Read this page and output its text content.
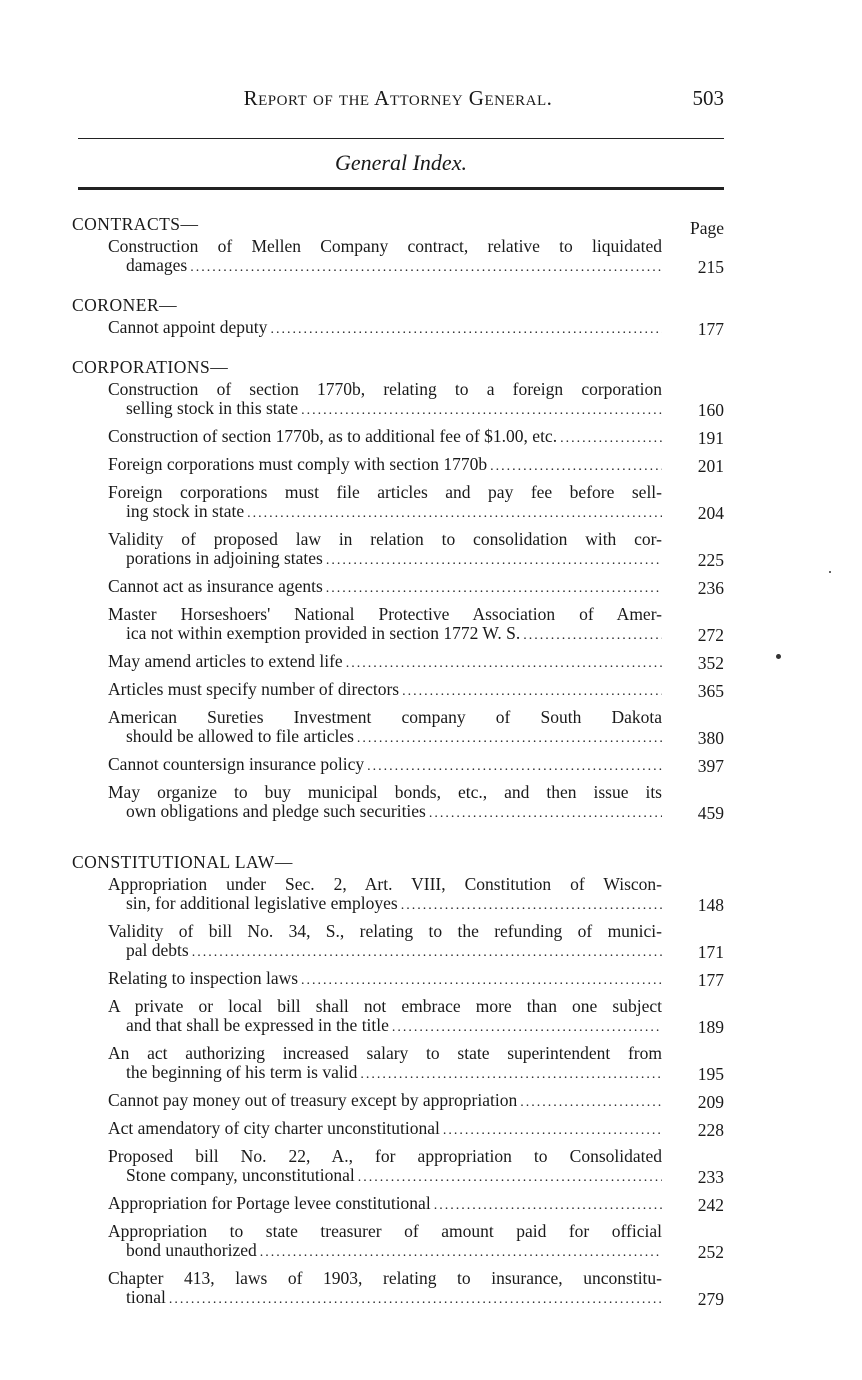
Report of the Attorney General.	503
General Index.
CONTRACTS—	Page
Construction of Mellen Company contract, relative to liquidated
damages .....	215
CORONER—
Cannot appoint deputy .....	177
CORPORATIONS—
Construction of section 1770b, relating to a foreign corporation
selling stock in this state .....	160
Construction of section 1770b, as to additional fee of $1.00, etc. .....	191
Foreign corporations must comply with section 1770b .....	201
Foreign corporations must file articles and pay fee before sell-
ing stock in state .....	204
Validity of proposed law in relation to consolidation with cor-
porations in adjoining states .....	225
Cannot act as insurance agents .....	236
Master Horseshoers' National Protective Association of Amer-
ica not within exemption provided in section 1772 W. S. .....	272
May amend articles to extend life .....	352
Articles must specify number of directors .....	365
American Sureties Investment company of South Dakota
should be allowed to file articles .....	380
Cannot countersign insurance policy .....	397
May organize to buy municipal bonds, etc., and then issue its
own obligations and pledge such securities .....	459
CONSTITUTIONAL LAW—
Appropriation under Sec. 2, Art. VIII, Constitution of Wiscon-
sin, for additional legislative employes .....	148
Validity of bill No. 34, S., relating to the refunding of munici-
pal debts .....	171
Relating to inspection laws .....	177
A private or local bill shall not embrace more than one subject
and that shall be expressed in the title .....	189
An act authorizing increased salary to state superintendent from
the beginning of his term is valid .....	195
Cannot pay money out of treasury except by appropriation .....	209
Act amendatory of city charter unconstitutional .....	228
Proposed bill No. 22, A., for appropriation to Consolidated
Stone company, unconstitutional .....	233
Appropriation for Portage levee constitutional .....	242
Appropriation to state treasurer of amount paid for official
bond unauthorized .....	252
Chapter 413, laws of 1903, relating to insurance, unconstitu-
tional .....	279
